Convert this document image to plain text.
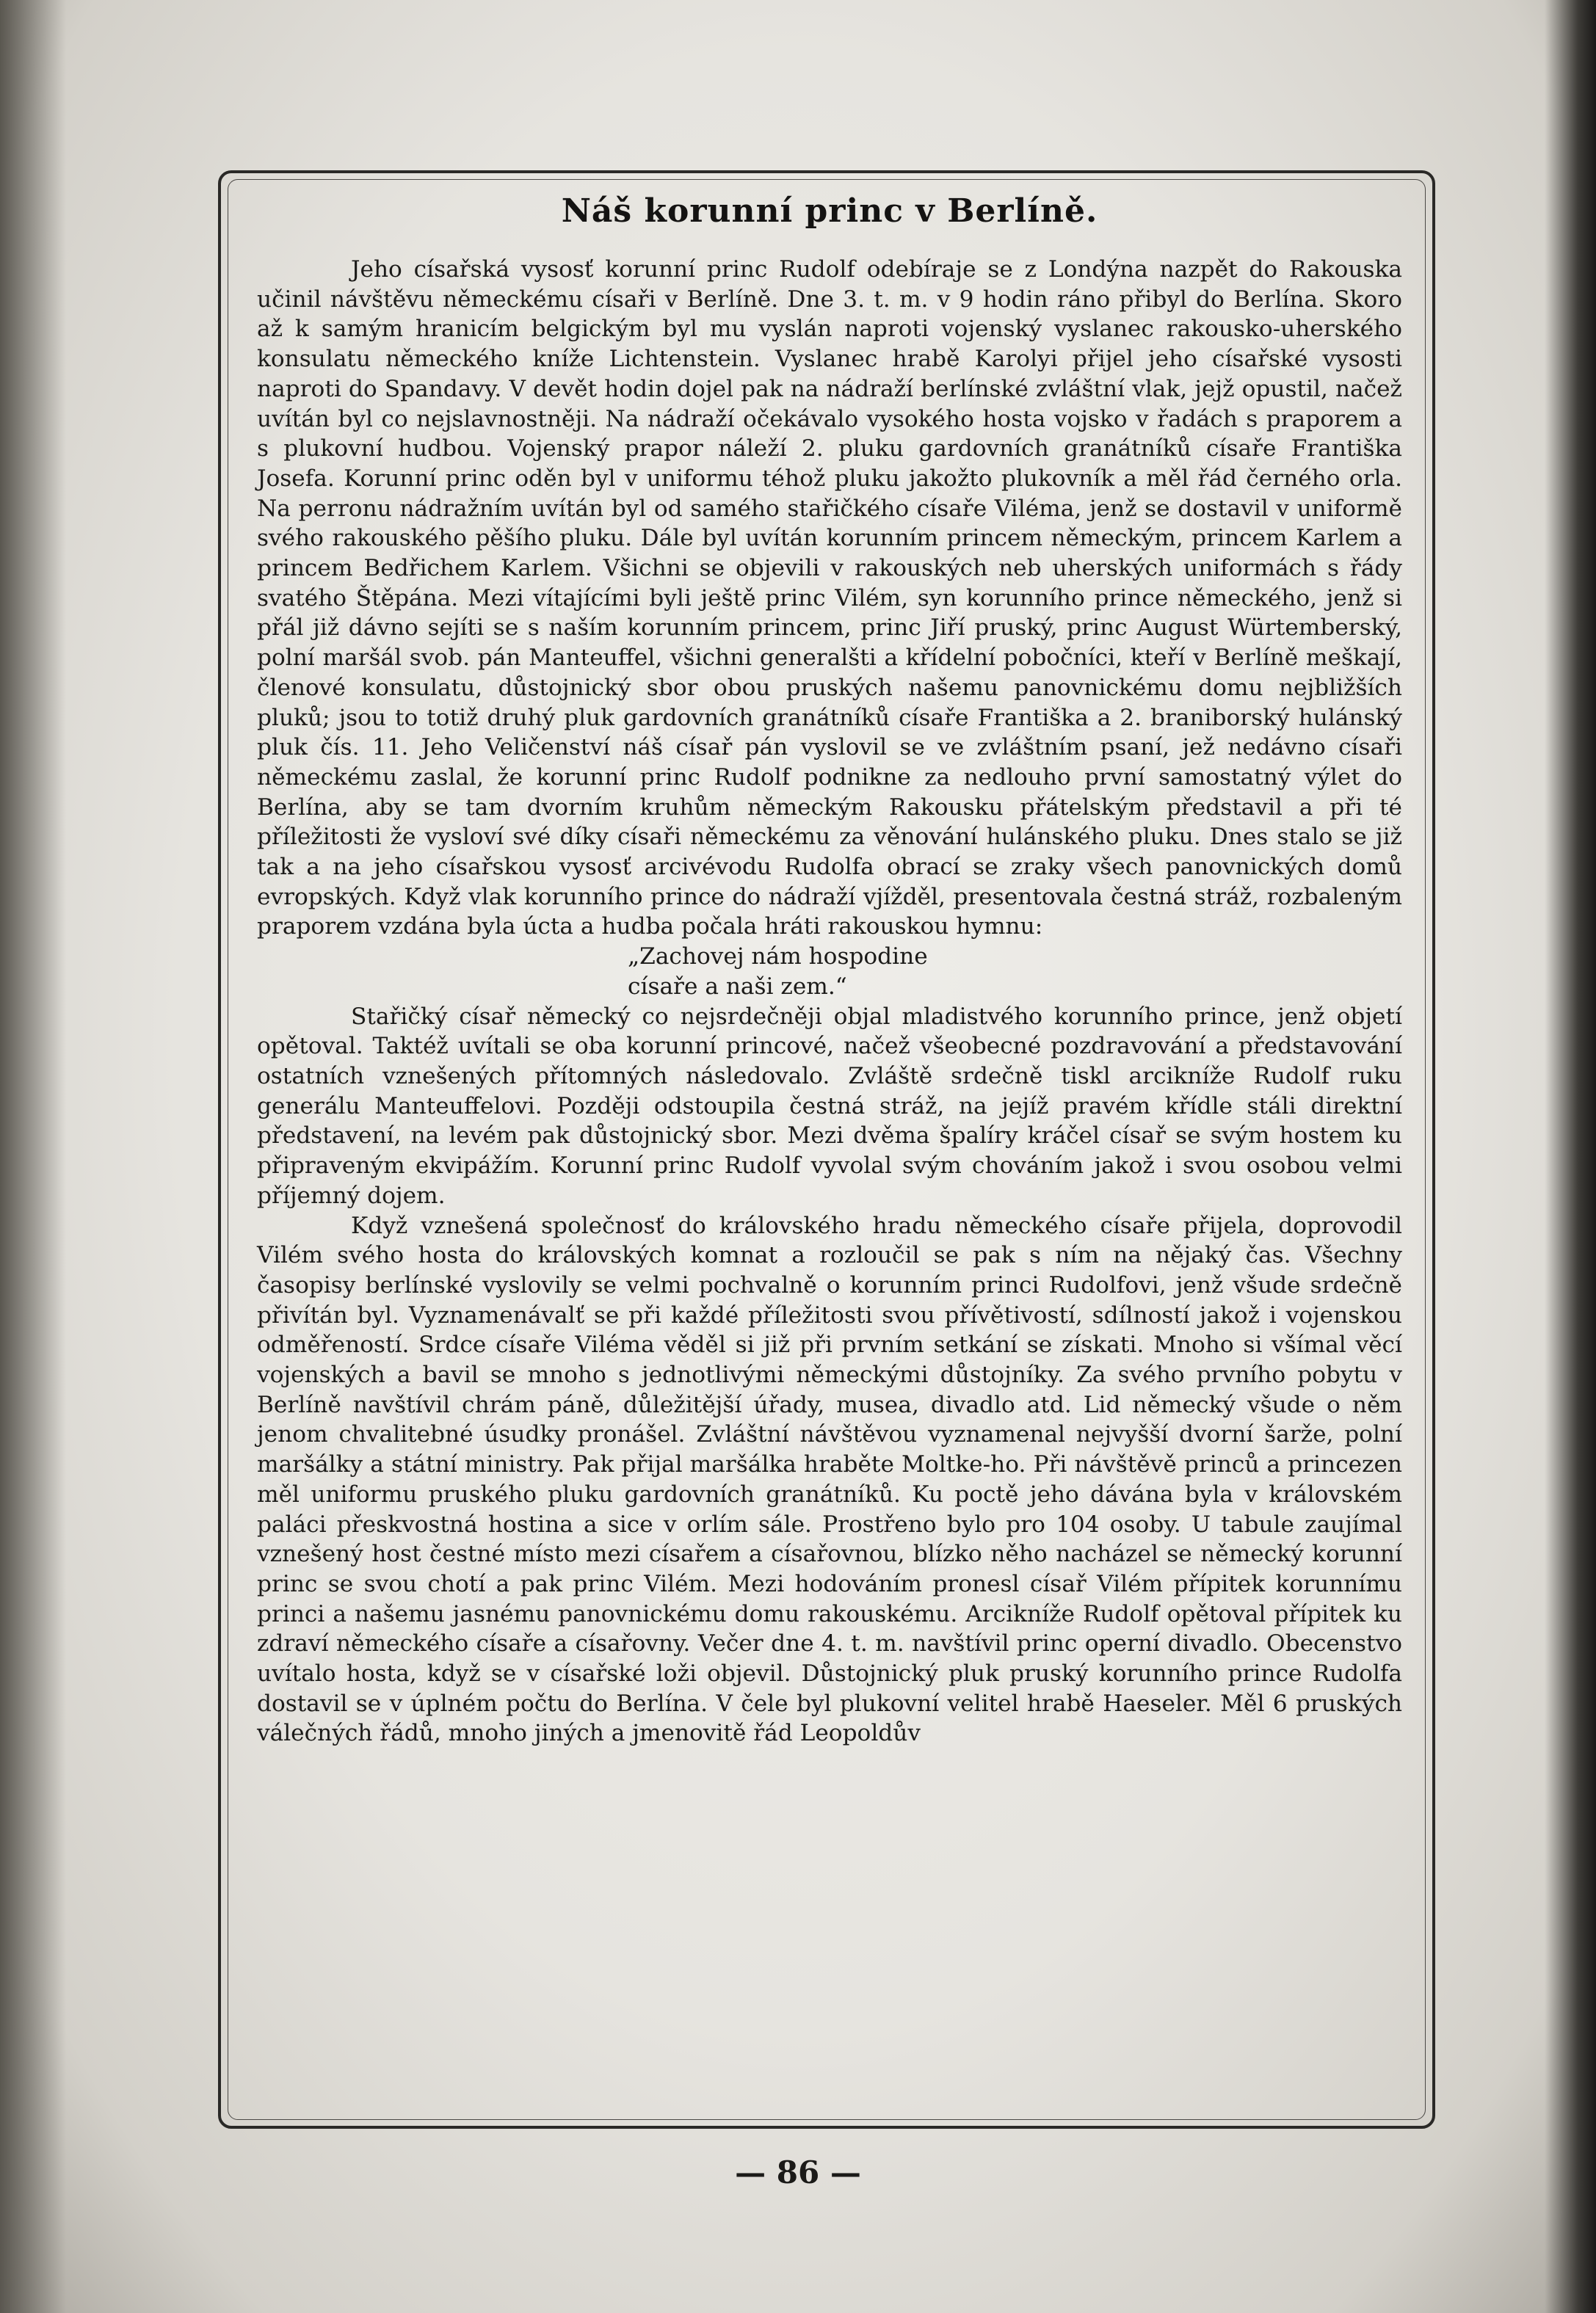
Náš korunní princ v Berlíně.

Jeho císařská vysosť korunní princ Rudolf odebíraje se z Londýna nazpět do Rakouska učinil návštěvu německému císaři v Berlíně. Dne 3. t. m. v 9 hodin ráno přibyl do Berlína. Skoro až k samým hranicím belgickým byl mu vyslán naproti vojenský vyslanec rakousko-uherského konsulatu německého kníže Lichtenstein. Vyslanec hrabě Karolyi přijel jeho císařské vysosti naproti do Spandavy. V devět hodin dojel pak na nádraží berlínské zvláštní vlak, jejž opustil, načež uvítán byl co nejslavnostněji. Na nádraží očekávalo vysokého hosta vojsko v řadách s praporem a s plukovní hudbou. Vojenský prapor náleží 2. pluku gardovních granátníků císaře Františka Josefa. Korunní princ oděn byl v uniformu téhož pluku jakožto plukovník a měl řád černého orla. Na perronu nádražním uvítán byl od samého stařičkého císaře Viléma, jenž se dostavil v uniformě svého rakouského pěšího pluku. Dále byl uvítán korunním princem německým, princem Karlem a princem Bedřichem Karlem. Všichni se objevili v rakouských neb uherských uniformách s řády svatého Štěpána. Mezi vítajícími byli ještě princ Vilém, syn korunního prince německého, jenž si přál již dávno sejíti se s naším korunním princem, princ Jiří pruský, princ August Würtemberský, polní maršál svob. pán Manteuffel, všichni generalšti a křídelní pobočníci, kteří v Berlíně meškají, členové konsulatu, důstojnický sbor obou pruských našemu panovnickému domu nejbližších pluků; jsou to totiž druhý pluk gardovních granátníků císaře Františka a 2. braniborský hulánský pluk čís. 11. Jeho Veličenství náš císař pán vyslovil se ve zvláštním psaní, jež nedávno císaři německému zaslal, že korunní princ Rudolf podnikne za nedlouho první samostatný výlet do Berlína, aby se tam dvorním kruhům německým Rakousku přátelským představil a při té příležitosti že vysloví své díky císaři německému za věnování hulánského pluku. Dnes stalo se již tak a na jeho císařskou vysosť arcivévodu Rudolfa obrací se zraky všech panovnických domů evropských. Když vlak korunního prince do nádraží vjížděl, presentovala čestná stráž, rozbaleným praporem vzdána byla úcta a hudba počala hráti rakouskou hymnu:

„Zachovej nám hospodine
císaře a naši zem.“

Stařičký císař německý co nejsrdečněji objal mladistvého korunního prince, jenž objetí opětoval. Taktéž uvítali se oba korunní princové, načež všeobecné pozdravování a představování ostatních vznešených přítomných následovalo. Zvláště srdečně tiskl arcikníže Rudolf ruku generálu Manteuffelovi. Později odstoupila čestná stráž, na jejíž pravém křídle stáli direktní představení, na levém pak důstojnický sbor. Mezi dvěma špalíry kráčel císař se svým hostem ku připraveným ekvipážím. Korunní princ Rudolf vyvolal svým chováním jakož i svou osobou velmi příjemný dojem.

Když vznešená společnosť do královského hradu německého císaře přijela, doprovodil Vilém svého hosta do královských komnat a rozloučil se pak s ním na nějaký čas. Všechny časopisy berlínské vyslovily se velmi pochvalně o korunním princi Rudolfovi, jenž všude srdečně přivítán byl. Vyznamenávalť se při každé příležitosti svou přívětivostí, sdílností jakož i vojenskou odměřeností. Srdce císaře Viléma věděl si již při prvním setkání se získati. Mnoho si všímal věcí vojenských a bavil se mnoho s jednotlivými německými důstojníky. Za svého prvního pobytu v Berlíně navštívil chrám páně, důležitější úřady, musea, divadlo atd. Lid německý všude o něm jenom chvalitebné úsudky pronášel. Zvláštní návštěvou vyznamenal nejvyšší dvorní šarže, polní maršálky a státní ministry. Pak přijal maršálka hraběte Moltke-ho. Při návštěvě princů a princezen měl uniformu pruského pluku gardovních granátníků. Ku poctě jeho dávána byla v královském paláci přeskvostná hostina a sice v orlím sále. Prostřeno bylo pro 104 osoby. U tabule zaujímal vznešený host čestné místo mezi císařem a císařovnou, blízko něho nacházel se německý korunní princ se svou chotí a pak princ Vilém. Mezi hodováním pronesl císař Vilém přípitek korunnímu princi a našemu jasnému panovnickému domu rakouskému. Arcikníže Rudolf opětoval přípitek ku zdraví německého císaře a císařovny. Večer dne 4. t. m. navštívil princ operní divadlo. Obecenstvo uvítalo hosta, když se v císařské loži objevil. Důstojnický pluk pruský korunního prince Rudolfa dostavil se v úplném počtu do Berlína. V čele byl plukovní velitel hrabě Haeseler. Měl 6 pruských válečných řádů, mnoho jiných a jmenovitě řád Leopoldův

— 86 —
